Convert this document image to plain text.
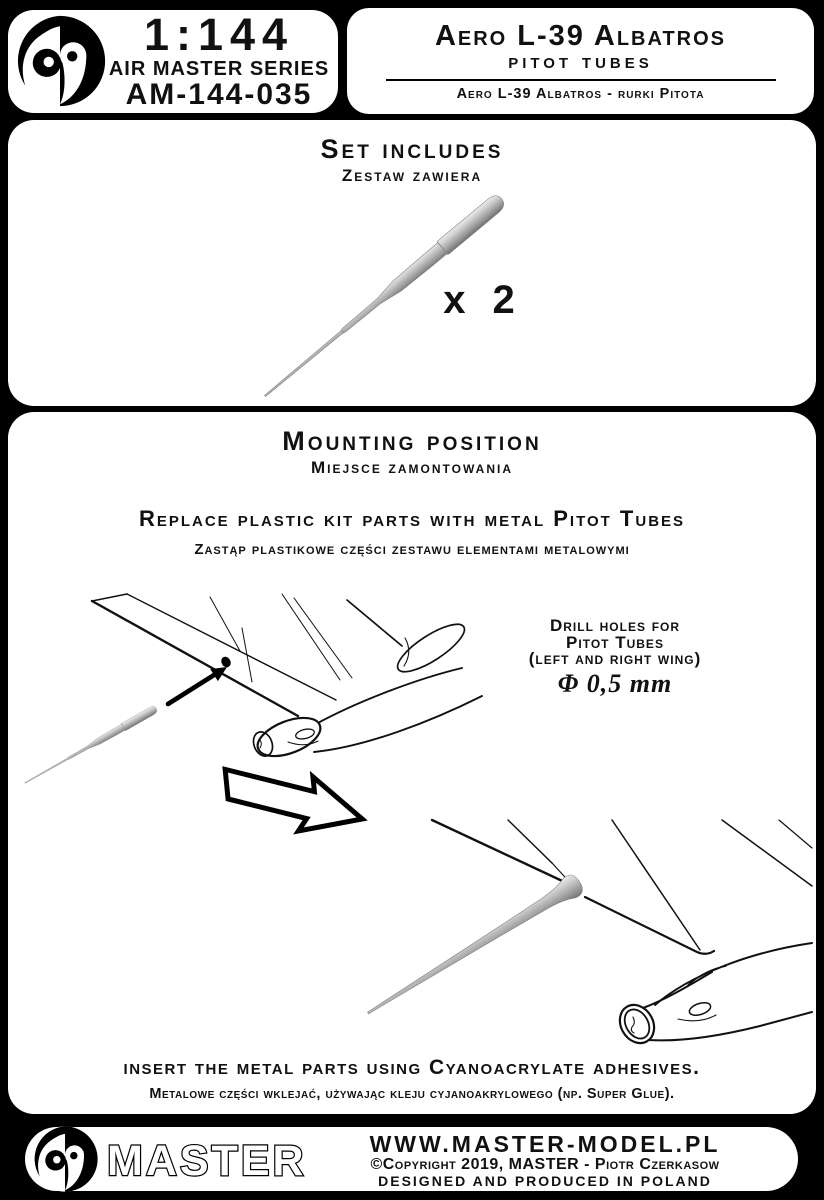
1:144
AIR MASTER SERIES
AM-144-035
Aero L-39 Albatros
pitot tubes
Aero L-39 Albatros - rurki Pitota
Set includes
Zestaw zawiera
x 2
Mounting position
Miejsce zamontowania
Replace plastic kit parts with metal Pitot Tubes
Zastąp plastikowe części zestawu elementami metalowymi
Drill holes for
Pitot Tubes
(left and right wing)
Φ 0,5 mm
insert the metal parts using Cyanoacrylate adhesives.
Metalowe części wklejać, używając kleju cyjanoakrylowego (np. Super Glue).
MASTER	WWW.MASTER-MODEL.PL
©Copyright 2019, MASTER - Piotr Czerkasow
DESIGNED AND PRODUCED IN POLAND
